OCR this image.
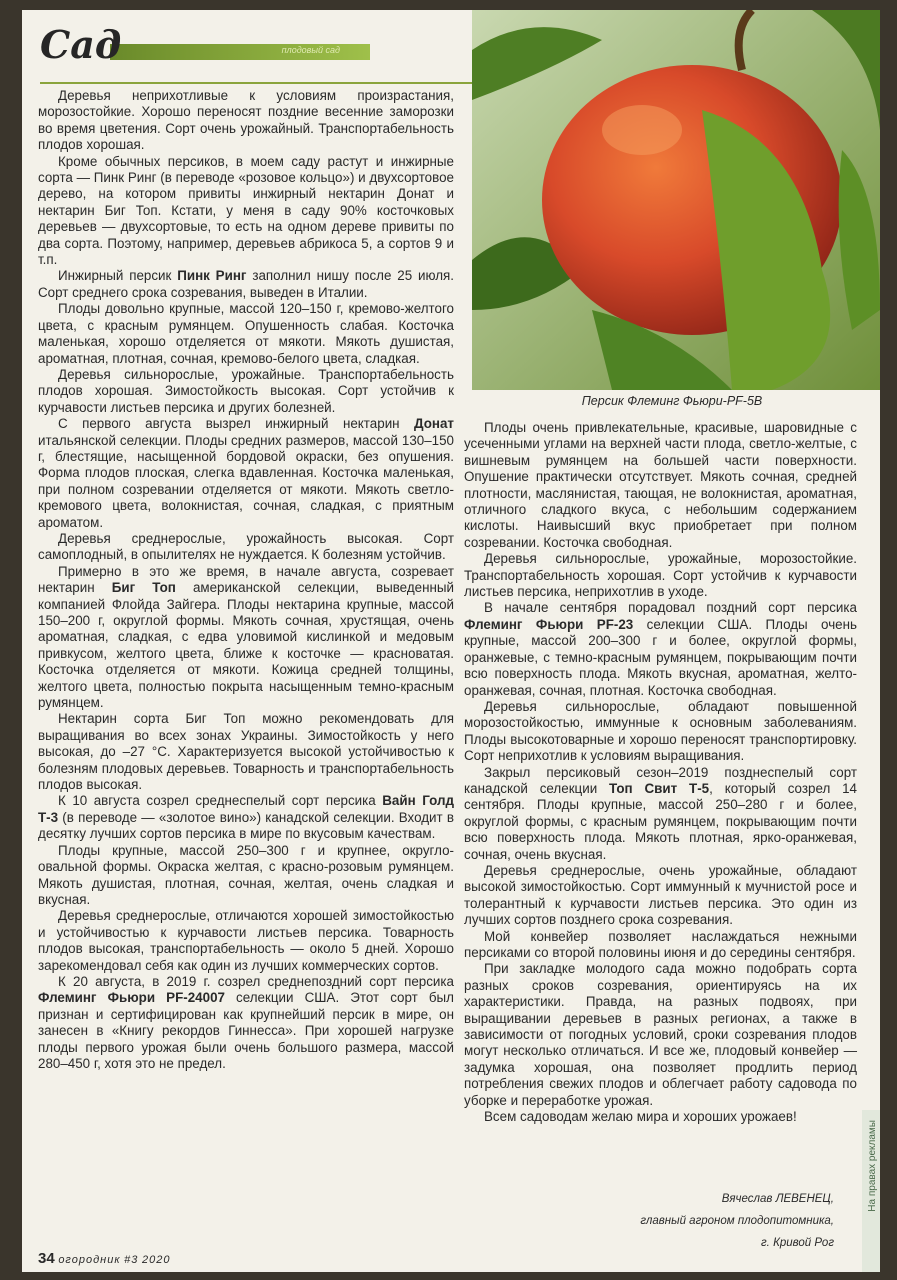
плодовый сад
Сад

Деревья неприхотливые к условиям произрастания, морозостойкие. Хорошо переносят поздние весенние заморозки во время цветения. Сорт очень урожайный. Транспортабельность плодов хорошая.

Кроме обычных персиков, в моем саду растут и инжирные сорта — Пинк Ринг (в переводе «розовое кольцо») и двухсортовое дерево, на котором привиты инжирный нектарин Донат и нектарин Биг Топ. Кстати, у меня в саду 90% косточковых деревьев — двухсортовые, то есть на одном дереве привиты по два сорта. Поэтому, например, деревьев абрикоса 5, а сортов 9 и т.п.

Инжирный персик Пинк Ринг заполнил нишу после 25 июля. Сорт среднего срока созревания, выведен в Италии.

Плоды довольно крупные, массой 120–150 г, кремово-желтого цвета, с красным румянцем. Опушенность слабая. Косточка маленькая, хорошо отделяется от мякоти. Мякоть душистая, ароматная, плотная, сочная, кремово-белого цвета, сладкая.

Деревья сильнорослые, урожайные. Транспортабельность плодов хорошая. Зимостойкость высокая. Сорт устойчив к курчавости листьев персика и других болезней.

С первого августа вызрел инжирный нектарин Донат итальянской селекции. Плоды средних размеров, массой 130–150 г, блестящие, насыщенной бордовой окраски, без опушения. Форма плодов плоская, слегка вдавленная. Косточка маленькая, при полном созревании отделяется от мякоти. Мякоть светло-кремового цвета, волокнистая, сочная, сладкая, с приятным ароматом.

Деревья среднерослые, урожайность высокая. Сорт самоплодный, в опылителях не нуждается. К болезням устойчив.

Примерно в это же время, в начале августа, созревает нектарин Биг Топ американской селекции, выведенный компанией Флойда Зайгера. Плоды нектарина крупные, массой 150–200 г, округлой формы. Мякоть сочная, хрустящая, очень ароматная, сладкая, с едва уловимой кислинкой и медовым привкусом, желтого цвета, ближе к косточке — красноватая. Косточка отделяется от мякоти. Кожица средней толщины, желтого цвета, полностью покрыта насыщенным темно-красным румянцем.

Нектарин сорта Биг Топ можно рекомендовать для выращивания во всех зонах Украины. Зимостойкость у него высокая, до –27 °С. Характеризуется высокой устойчивостью к болезням плодовых деревьев. Товарность и транспортабельность плодов высокая.

К 10 августа созрел среднеспелый сорт персика Вайн Голд Т-3 (в переводе — «золотое вино») канадской селекции. Входит в десятку лучших сортов персика в мире по вкусовым качествам.

Плоды крупные, массой 250–300 г и крупнее, округло-овальной формы. Окраска желтая, с красно-розовым румянцем. Мякоть душистая, плотная, сочная, желтая, очень сладкая и вкусная.

Деревья среднерослые, отличаются хорошей зимостойкостью и устойчивостью к курчавости листьев персика. Товарность плодов высокая, транспортабельность — около 5 дней. Хорошо зарекомендовал себя как один из лучших коммерческих сортов.

К 20 августа, в 2019 г. созрел среднепоздний сорт персика Флеминг Фьюри PF-24007 селекции США. Этот сорт был признан и сертифицирован как крупнейший персик в мире, он занесен в «Книгу рекордов Гиннесса». При хорошей нагрузке плоды первого урожая были очень большого размера, массой 280–450 г, хотя это не предел.

Персик Флеминг Фьюри-PF-5B

Плоды очень привлекательные, красивые, шаровидные с усеченными углами на верхней части плода, светло-желтые, с вишневым румянцем на большей части поверхности. Опушение практически отсутствует. Мякоть сочная, средней плотности, маслянистая, тающая, не волокнистая, ароматная, отличного сладкого вкуса, с небольшим содержанием кислоты. Наивысший вкус приобретает при полном созревании. Косточка свободная.

Деревья сильнорослые, урожайные, морозостойкие. Транспортабельность хорошая. Сорт устойчив к курчавости листьев персика, неприхотлив в уходе.

В начале сентября порадовал поздний сорт персика Флеминг Фьюри PF-23 селекции США. Плоды очень крупные, массой 200–300 г и более, округлой формы, оранжевые, с темно-красным румянцем, покрывающим почти всю поверхность плода. Мякоть вкусная, ароматная, желто-оранжевая, сочная, плотная. Косточка свободная.

Деревья сильнорослые, обладают повышенной морозостойкостью, иммунные к основным заболеваниям. Плоды высокотоварные и хорошо переносят транспортировку. Сорт неприхотлив к условиям выращивания.

Закрыл персиковый сезон–2019 позднеспелый сорт канадской селекции Топ Свит Т-5, который созрел 14 сентября. Плоды крупные, массой 250–280 г и более, округлой формы, с красным румянцем, покрывающим почти всю поверхность плода. Мякоть плотная, ярко-оранжевая, сочная, очень вкусная.

Деревья среднерослые, очень урожайные, обладают высокой зимостойкостью. Сорт иммунный к мучнистой росе и толерантный к курчавости листьев персика. Это один из лучших сортов позднего срока созревания.

Мой конвейер позволяет наслаждаться нежными персиками со второй половины июня и до середины сентября.

При закладке молодого сада можно подобрать сорта разных сроков созревания, ориентируясь на их характеристики. Правда, на разных подвоях, при выращивании деревьев в разных регионах, а также в зависимости от погодных условий, сроки созревания плодов могут несколько отличаться. И все же, плодовый конвейер — задумка хорошая, она позволяет продлить период потребления свежих плодов и облегчает работу садовода по уборке и переработке урожая.

Всем садоводам желаю мира и хороших урожаев!

Вячеслав ЛЕВЕНЕЦ,
главный агроном плодопитомника,
г. Кривой Рог
34 огородник #3 2020
На правах рекламы
